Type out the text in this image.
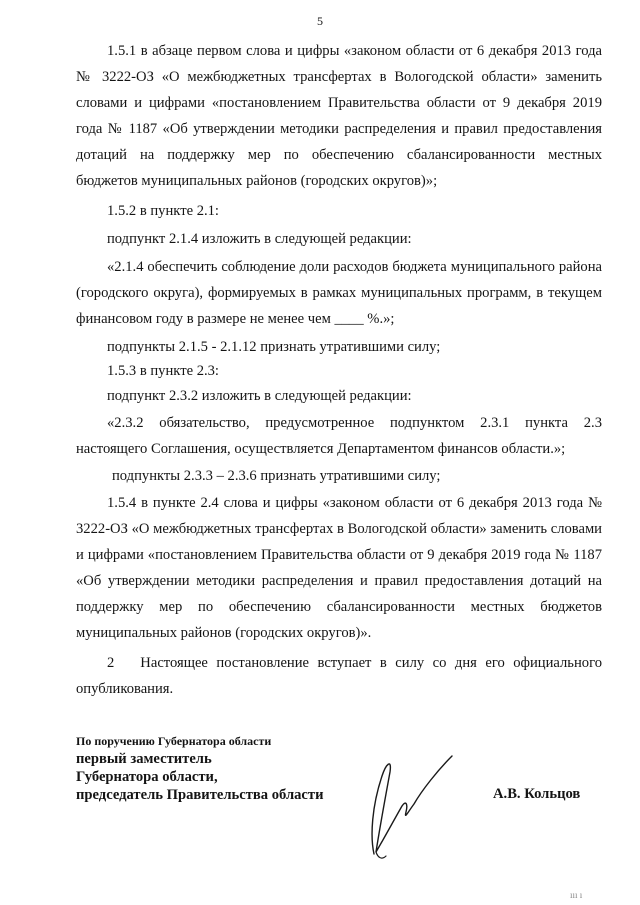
5
1.5.1 в абзаце первом слова и цифры «законом области от 6 декабря 2013 года № 3222-ОЗ «О межбюджетных трансфертах в Вологодской области» заменить словами и цифрами «постановлением Правительства области от 9 декабря 2019 года № 1187 «Об утверждении методики распределения и правил предоставления дотаций на поддержку мер по обеспечению сбалансированности местных бюджетов муниципальных районов (городских округов)»;
1.5.2 в пункте 2.1:
подпункт 2.1.4 изложить в следующей редакции:
«2.1.4 обеспечить соблюдение доли расходов бюджета муниципального района (городского округа), формируемых в рамках муниципальных программ, в текущем финансовом году в размере не менее чем ____ %.»;
подпункты 2.1.5 - 2.1.12 признать утратившими силу;
1.5.3 в пункте 2.3:
подпункт 2.3.2 изложить в следующей редакции:
«2.3.2 обязательство, предусмотренное подпунктом 2.3.1 пункта 2.3 настоящего Соглашения, осуществляется Департаментом финансов области.»;
подпункты 2.3.3 – 2.3.6 признать утратившими силу;
1.5.4 в пункте 2.4 слова и цифры «законом области от 6 декабря 2013 года № 3222-ОЗ «О межбюджетных трансфертах в Вологодской области» заменить словами и цифрами «постановлением Правительства области от 9 декабря 2019 года № 1187 «Об утверждении методики распределения и правил предоставления дотаций на поддержку мер по обеспечению сбалансированности местных бюджетов муниципальных районов (городских округов)».
2 Настоящее постановление вступает в силу со дня его официального опубликования.
По поручению Губернатора области
первый заместитель
Губернатора области,
председатель Правительства области	А.В. Кольцов
ııı ı
